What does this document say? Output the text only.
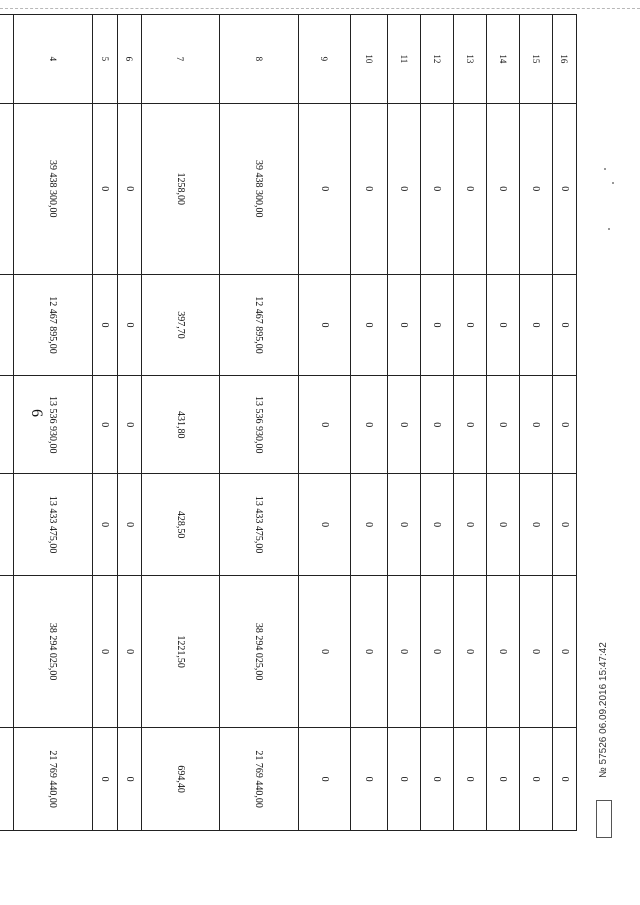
6
16	0	0	0	0	0	0
15	0	0	0	0	0	0
14	0	0	0	0	0	0
13	0	0	0	0	0	0
12	0	0	0	0	0	0
11	0	0	0	0	0	0
10	0	0	0	0	0	0
9	0	0	0	0	0	0
8	39 438 300,00	12 467 895,00	13 536 930,00	13 433 475,00	38 294 025,00	21 769 440,00
7	1258,00	397,70	431,80	428,50	1221,50	694,40
6	0	0	0	0	0	0
5	0	0	0	0	0	0
4	39 438 300,00	12 467 895,00	13 536 930,00	13 433 475,00	38 294 025,00	21 769 440,00

№ 57526 06.09.2016 15:47:42
